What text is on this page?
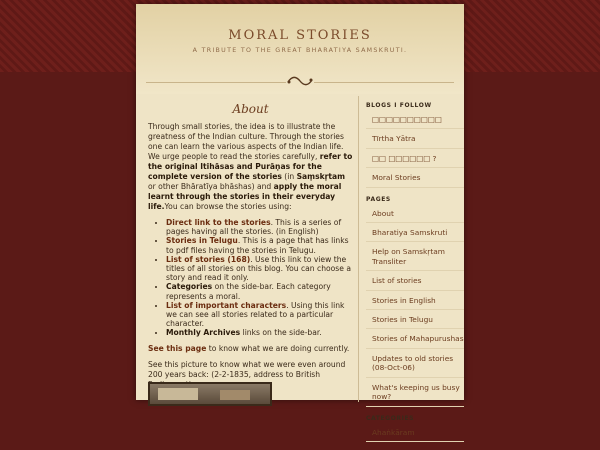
MORAL STORIES
A TRIBUTE TO THE GREAT BHARATIYA SAMSKRUTI.
About

Through small stories, the idea is to illustrate the greatness of the Indian culture. Through the stories one can learn the various aspects of the Indian life. We urge people to read the stories carefully, refer to the original Itihāsas and Purāṇas for the complete version of the stories (in Saṃskṛtam or other Bhāratīya bhāshas) and apply the moral learnt through the stories in their everyday life.You can browse the stories using:

• Direct link to the stories. This is a series of pages having all the stories. (in English)
• Stories in Telugu. This is a page that has links to pdf files having the stories in Telugu.
• List of stories (168). Use this link to view the titles of all stories on this blog. You can choose a story and read it only.
• Categories on the side-bar. Each category represents a moral.
• List of important characters. Using this link we can see all stories related to a particular character.
• Monthly Archives links on the side-bar.

See this page to know what we are doing currently.

See this picture to know what we were even around 200 years back: (2-2-1835, address to British

BLOGS I FOLLOW
□□□□□□□□□□
Tīrtha Yātra
□□ □□□□□□ ?
Moral Stories
PAGES
About
Bharatiya Samskruti
Help on Samskṛtam Transliter
List of stories
Stories in English
Stories in Telugu
Stories of Mahapurushas
Updates to old stories (08-Oct-06)
What's keeping us busy now?
CATEGORIES
Ahaṅkāram
